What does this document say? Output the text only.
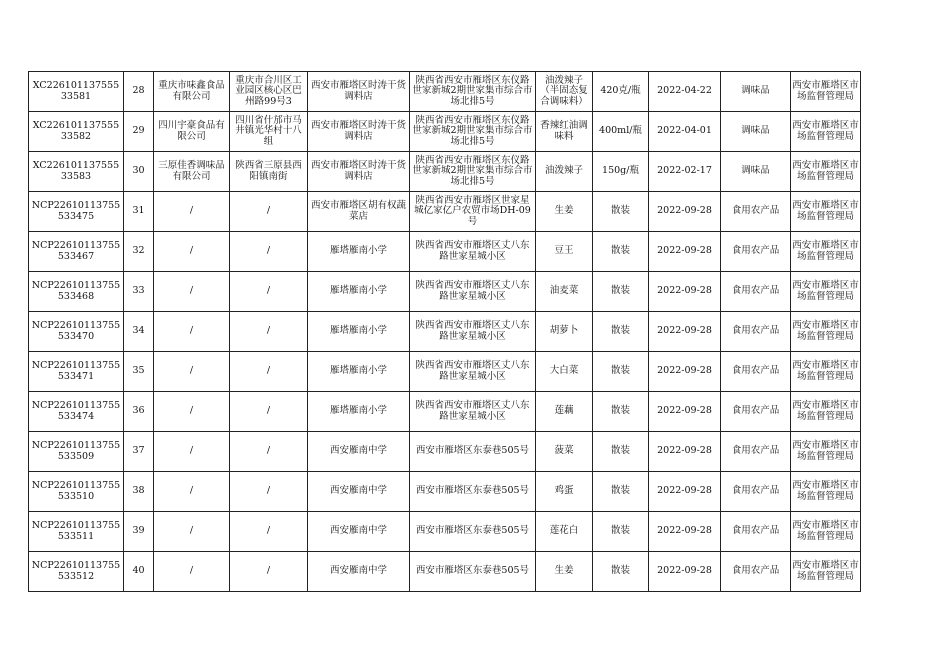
XC22610113755533581	28	重庆市味鑫食品有限公司	重庆市合川区工业园区核心区巴州路99号3	西安市雁塔区时涛干货调料店	陕西省西安市雁塔区东仪路世家新城2期世家集市综合市场北排5号	油泼辣子（半固态复合调味料）	420克/瓶	2022-04-22	调味品	西安市雁塔区市场监督管理局
XC22610113755533582	29	四川宇豪食品有限公司	四川省什邡市马井镇光华村十八组	西安市雁塔区时涛干货调料店	陕西省西安市雁塔区东仪路世家新城2期世家集市综合市场北排5号	香辣红油调味料	400ml/瓶	2022-04-01	调味品	西安市雁塔区市场监督管理局
XC22610113755533583	30	三原佳香调味品有限公司	陕西省三原县西阳镇南街	西安市雁塔区时涛干货调料店	陕西省西安市雁塔区东仪路世家新城2期世家集市综合市场北排5号	油泼辣子	150g/瓶	2022-02-17	调味品	西安市雁塔区市场监督管理局
NCP22610113755533475	31	/	/	西安市雁塔区胡有权蔬菜店	陕西省西安市雁塔区世家星城亿家亿户农贸市场DH-09号	生姜	散装	2022-09-28	食用农产品	西安市雁塔区市场监督管理局
NCP22610113755533467	32	/	/	雁塔雁南小学	陕西省西安市雁塔区丈八东路世家星城小区	豆王	散装	2022-09-28	食用农产品	西安市雁塔区市场监督管理局
NCP22610113755533468	33	/	/	雁塔雁南小学	陕西省西安市雁塔区丈八东路世家星城小区	油麦菜	散装	2022-09-28	食用农产品	西安市雁塔区市场监督管理局
NCP22610113755533470	34	/	/	雁塔雁南小学	陕西省西安市雁塔区丈八东路世家星城小区	胡萝卜	散装	2022-09-28	食用农产品	西安市雁塔区市场监督管理局
NCP22610113755533471	35	/	/	雁塔雁南小学	陕西省西安市雁塔区丈八东路世家星城小区	大白菜	散装	2022-09-28	食用农产品	西安市雁塔区市场监督管理局
NCP22610113755533474	36	/	/	雁塔雁南小学	陕西省西安市雁塔区丈八东路世家星城小区	莲藕	散装	2022-09-28	食用农产品	西安市雁塔区市场监督管理局
NCP22610113755533509	37	/	/	西安雁南中学	西安市雁塔区东泰巷505号	菠菜	散装	2022-09-28	食用农产品	西安市雁塔区市场监督管理局
NCP22610113755533510	38	/	/	西安雁南中学	西安市雁塔区东泰巷505号	鸡蛋	散装	2022-09-28	食用农产品	西安市雁塔区市场监督管理局
NCP22610113755533511	39	/	/	西安雁南中学	西安市雁塔区东泰巷505号	莲花白	散装	2022-09-28	食用农产品	西安市雁塔区市场监督管理局
NCP22610113755533512	40	/	/	西安雁南中学	西安市雁塔区东泰巷505号	生姜	散装	2022-09-28	食用农产品	西安市雁塔区市场监督管理局
